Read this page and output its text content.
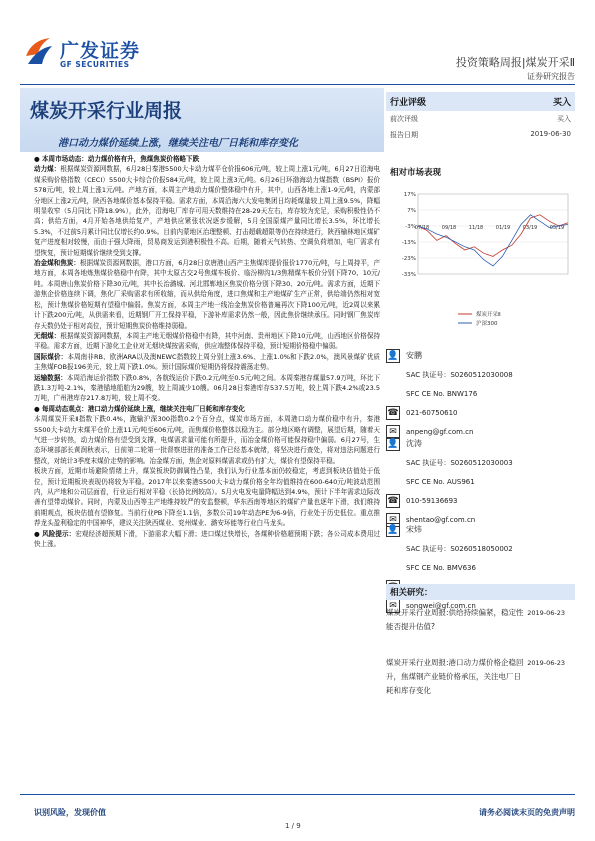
广发证券
GF SECURITIES	投资策略周报|煤炭开采Ⅱ
证券研究报告
煤炭开采行业周报
港口动力煤价延续上涨，继续关注电厂日耗和库存变化

● 本周市场动态：动力煤价格有升，焦煤焦炭价格略下跌

动力煤：根据煤炭资源网数据，6月28日秦港5500大卡动力煤平仓价报606元/吨，较上周上涨1元/吨，6月27日沿海电煤采购价格指数（CECI）5500大卡综合价报584元/吨，较上周上涨3元/吨。6月26日环渤海动力煤指数（BSPI）报价578元/吨，较上周上涨1元/吨。产地方面，本周主产地动力煤价整体稳中有升，其中，山西各地上涨1-9元/吨，内蒙部分地区上涨2元/吨，陕西各地煤价基本保持平稳。需求方面，本周沿海六大发电集团日均耗煤量较上周上涨9.5%，降幅明显收窄（5月同比下降18.9%），此外，沿海电厂库存可用天数维持在28-29天左右，库存较为充足，采购积极性仍不高；供给方面，4月开始各地供给复产，产地供应紧张状况逐步缓解，5月全国原煤产量同比增长3.5%，环比增长5.3%，不过前5月累计同比仅增长约0.9%。目前内蒙地区治理整顿、打击超载超限等仍在持续进行，陕西榆林地区煤矿复产进度相对较慢，而由于强大降雨，贸易商发运到港积极性不高。后期，随着天气转热、空调负荷增加，电厂需求有望恢复，预计短期煤价继续受到支撑。

冶金煤和焦炭：根据煤炭资源网数据，港口方面，6月28日京唐港山西产主焦煤库提价报价1770元/吨，与上周持平，产地方面，本周各地炼焦煤价格稳中有降，其中太原古交2号焦煤车板价、临汾柳沟1/3焦精煤车板价分别下降70、10元/吨。本周唐山焦炭价格下降30元/吨，其中长治潞城、河北邯郸地区焦炭价格分别下降30、20元/吨。需求方面，近期下游焦企价格连续下调，焦化厂采购需求有所收缩，而从供给角度，进口焦煤和主产地煤矿生产正常，供给端仍然相对宽松，预计焦煤价格短期有望稳中偏弱。焦炭方面，本周主产地一线冶金焦炭价格普遍再次下降100元/吨，近2周以来累计下跌200元/吨，从供需来看，近期钢厂开工保持平稳，下游补库需求仍然一般，因此焦价继续承压。同时钢厂焦炭库存天数仍处于相对高位，预计短期焦炭价格维持弱稳。

无烟煤：根据煤炭资源网数据，本周主产地无烟煤价格稳中有降，其中河南、贵州地区下降10元/吨，山西地区价格保持平稳。需求方面，近期下游化工企业对无烟块煤按需采购，供应端整体保持平稳，预计短期价格稳中偏弱。

国际煤价：本周南非RB、欧洲ARA以及澳NEWC指数较上周分别上涨3.6%、上涨1.0%和下跌2.0%，澳风景煤矿优质主焦煤FOB报196美元，较上周下跌1.0%。预计国际煤价短期仍将保持震荡走势。

运输数据：本周沿海运价指数下跌0.8%，各航线运价下跌0.2元/吨至0.5元/吨之间。本周秦港存煤量57.9万吨，环比下跌1.3万吨-2.1%，秦港锚地船舶为29艘，较上周减少10艘。06月28日秦港库存537.5万吨，较上周下跌4.2%或23.5万吨，广州港库存217.8万吨，较上周不变。

● 每周动态观点：港口动力煤价延续上涨，继续关注电厂日耗和库存变化

本周煤炭开采Ⅱ指数下跌0.4%，跑输沪深300指数0.2个百分点，煤炭市场方面，本周港口动力煤价稳中有升，秦港5500大卡动力末煤平仓价上涨11元/吨至606元/吨，而焦煤价格整体以稳为主。部分地区略有调整，展望后期，随着天气进一步转热，动力煤价格有望受到支撑，电煤需求量可能有所提升，而冶金煤价格可能保持稳中偏弱。6月27号，生态环境部部长黄润秋表示，日前第二轮第一批督察进驻的准备工作已经基本就绪，将坚决进行查处，将对违法问题进行整改，对统计3季度末煤价走势的影响。冶金煤方面，焦企对原料煤需求或仍有扩大，煤价有望保持平稳。

板块方面，近期市场避险情绪上升，煤炭板块防御属性凸显，我们认为行业基本面仍较稳定，考虑到板块估值处于低位，预计近期板块表现仍将较为平稳。2017年以来秦港5500大卡动力煤价格全年均值维持在600-640元/吨波动范围内，从产地和公司层面看，行业运行相对平稳（长协比例较高）。5月火电发电量降幅达到4.9%，预计下半年需求边际改善有望带动煤价。同时，内蒙及山西等主产地维持较严的安监整顿，华东西南等地区的煤矿产量也逐年下滑，我们维持前期观点，板块估值有望修复。当前行业PB下降至1.1倍，多数公司19年动态PE为6-9倍，行业处于历史低位。重点推荐龙头盈利稳定的中国神华，建议关注陕西煤业、兖州煤业、潞安环能等行业白马龙头。

● 风险提示：宏观经济超预期下滑，下游需求大幅下滑；进口煤过快增长，各煤种价格超预期下跌；各公司成本费用过快上涨。

行业评级	买入
前次评级	买入
报告日期	2019-06-30
相对市场表现
-33%
-23%
-13%
-3%
7%
17%
07/18	09/18	11/18	01/19	03/19	05/19
煤炭开采Ⅱ
沪深300
👤 安鹏
SAC 执证号：S0260512030008
SFC CE No. BNW176
☎ 021-60750610
✉	anpeng@gf.com.cn
👤 沈涛
SAC 执证号：S0260512030003
SFC CE No. AUS961
☎ 010-59136693
✉	shentao@gf.com.cn
👤 宋炜
SAC 执证号：S0260518050002
SFC CE No. BMV636
✉	songwei@gf.com.cn
相关研究：
煤炭开采行业周报:供给持续偏紧，稳定性能否提升估值?
2019-06-23
煤炭开采行业周报:港口动力煤价格企稳回升，焦煤钢产业链价格承压，关注电厂日耗和库存变化
2019-06-23
识别风险，发现价值	请务必阅读末页的免责声明
1 / 9
